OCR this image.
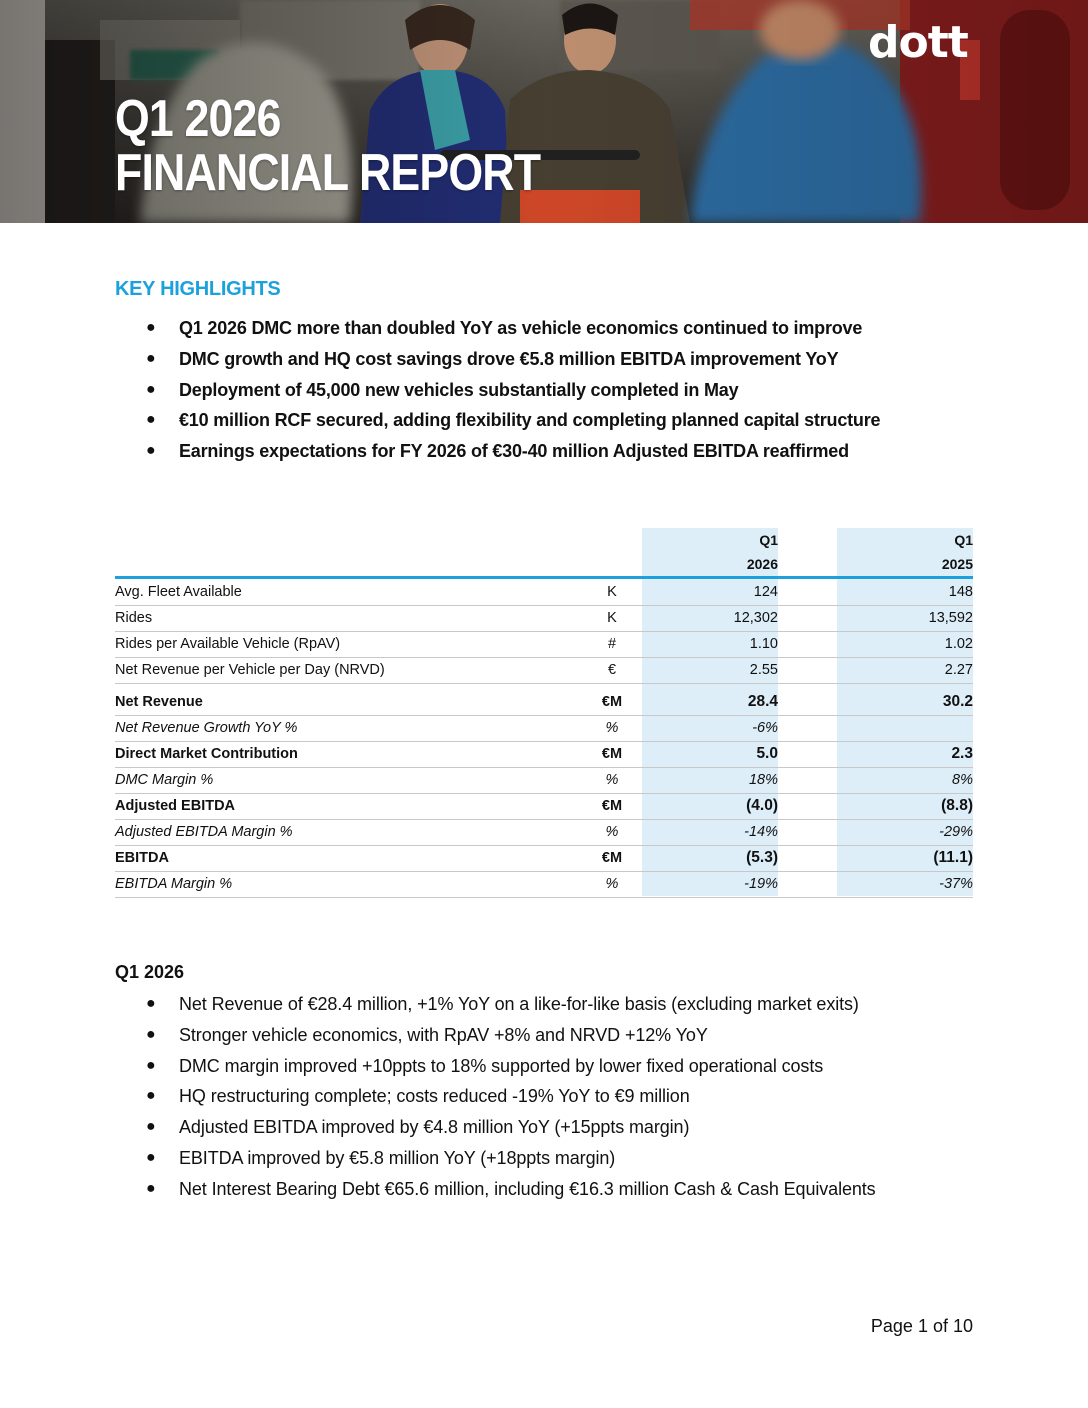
dott
Q1 2026
FINANCIAL REPORT
KEY HIGHLIGHTS
● Q1 2026 DMC more than doubled YoY as vehicle economics continued to improve
● DMC growth and HQ cost savings drove €5.8 million EBITDA improvement YoY
● Deployment of 45,000 new vehicles substantially completed in May
● €10 million RCF secured, adding flexibility and completing planned capital structure
● Earnings expectations for FY 2026 of €30-40 million Adjusted EBITDA reaffirmed
Q1
2026
Q1
2025
Avg. Fleet Available	K	124	148
Rides	K	12,302	13,592
Rides per Available Vehicle (RpAV)	#	1.10	1.02
Net Revenue per Vehicle per Day (NRVD)	€	2.55	2.27
Net Revenue	€M	28.4	30.2
Net Revenue Growth YoY %	%	-6%
Direct Market Contribution	€M	5.0	2.3
DMC Margin %	%	18%	8%
Adjusted EBITDA	€M	(4.0)	(8.8)
Adjusted EBITDA Margin %	%	-14%	-29%
EBITDA	€M	(5.3)	(11.1)
EBITDA Margin %	%	-19%	-37%
Q1 2026
● Net Revenue of €28.4 million, +1% YoY on a like-for-like basis (excluding market exits)
● Stronger vehicle economics, with RpAV +8% and NRVD +12% YoY
● DMC margin improved +10ppts to 18% supported by lower fixed operational costs
● HQ restructuring complete; costs reduced -19% YoY to €9 million
● Adjusted EBITDA improved by €4.8 million YoY (+15ppts margin)
● EBITDA improved by €5.8 million YoY (+18ppts margin)
● Net Interest Bearing Debt €65.6 million, including €16.3 million Cash & Cash Equivalents
Page 1 of 10
